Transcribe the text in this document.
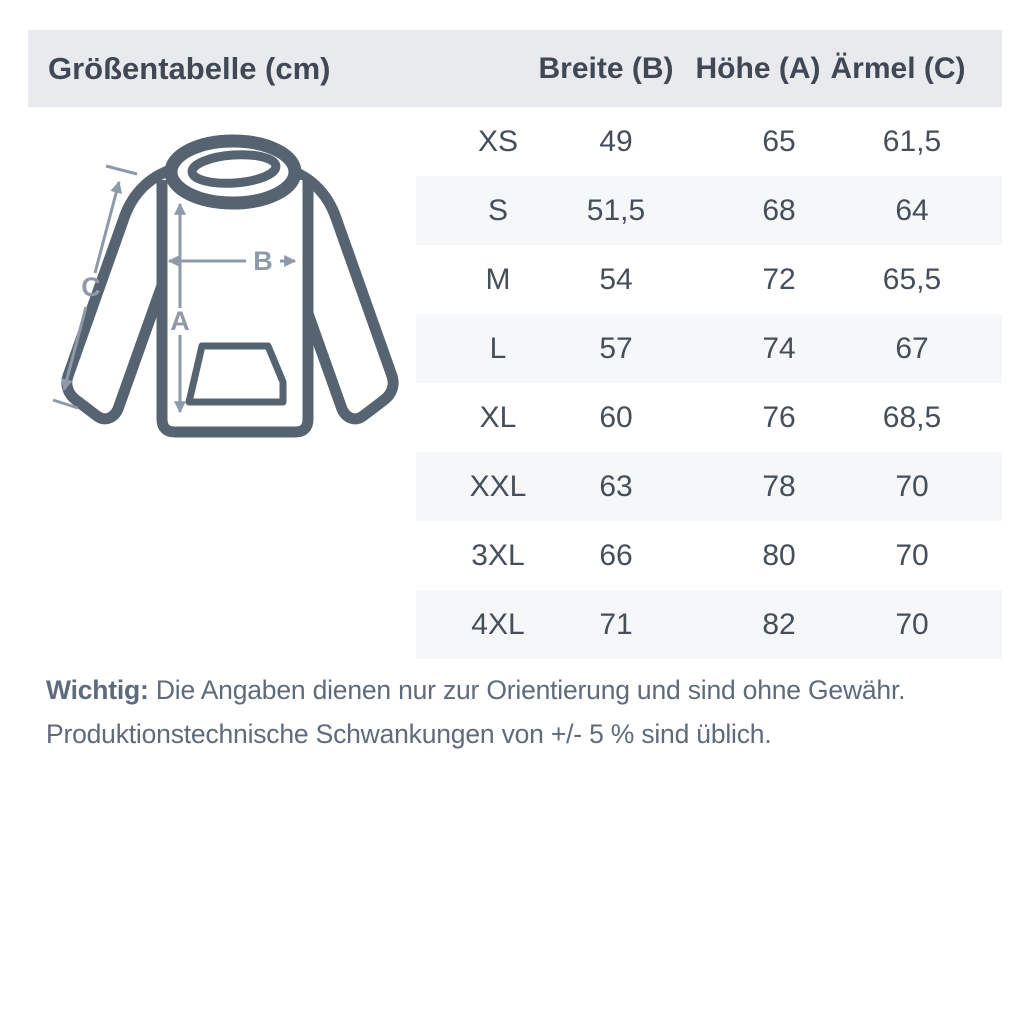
Größentabelle (cm)	Breite (B) Höhe (A) Ärmel (C)
XS	49	65	61,5
S	51,5	68	64
M	54	72	65,5
L	57	74	67
XL	60	76	68,5
XXL 63	78	70
3XL 66	80	70
4XL 71	82	70
A
B
C
Wichtig: Die Angaben dienen nur zur Orientierung und sind ohne Gewähr.
Produktionstechnische Schwankungen von +/- 5 % sind üblich.
